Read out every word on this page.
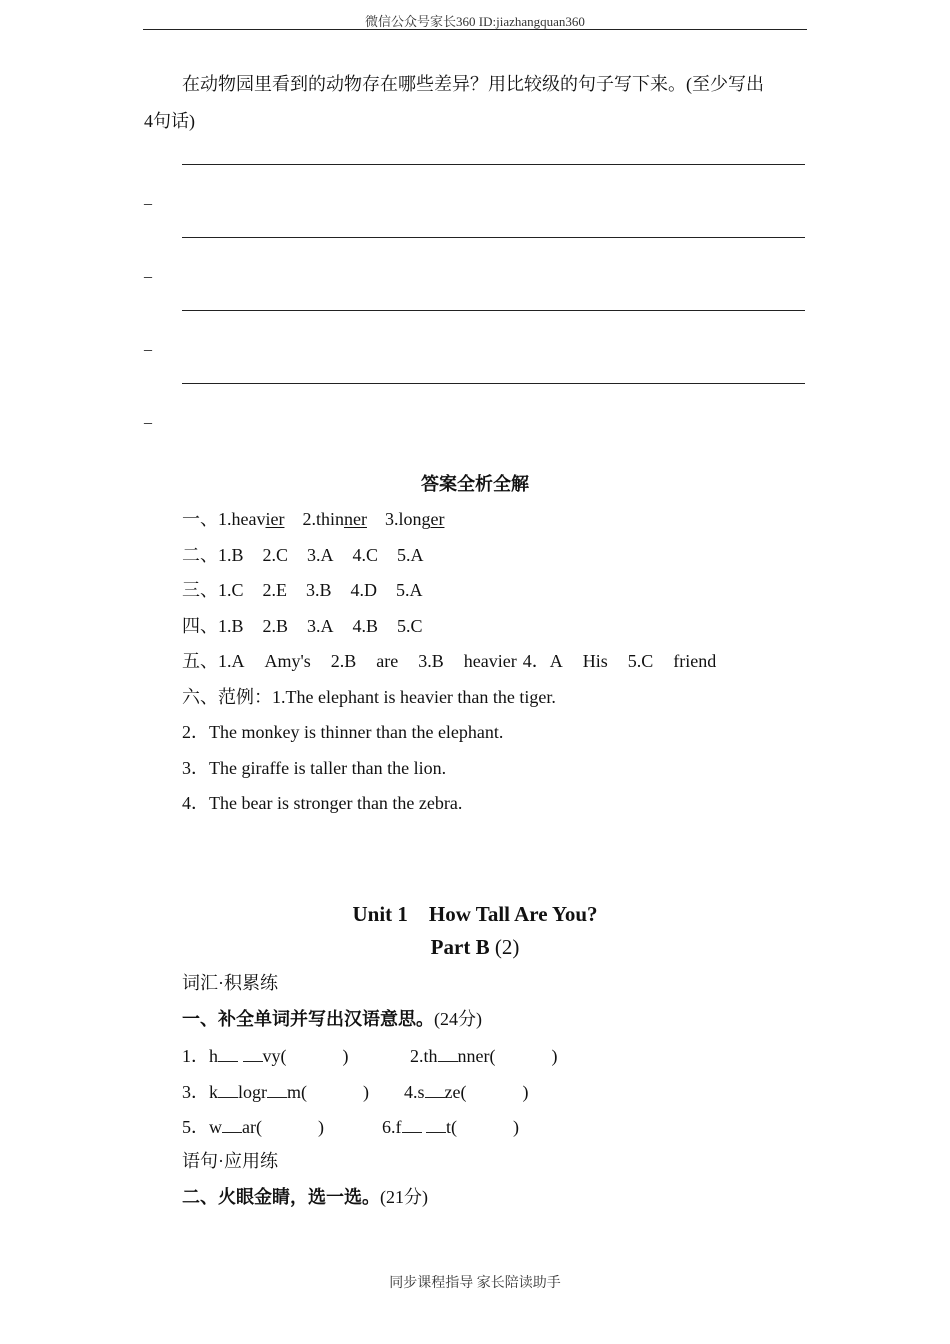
微信公众号家长360 ID:jiazhangquan360
在动物园里看到的动物存在哪些差异？用比较级的句子写下来。(至少写出
4句话)
_
_
_
_
答案全析全解
一、1.heavier 2.thinner 3.longer
二、1.B 2.C 3.A 4.C 5.A
三、1.C 2.E 3.B 4.D 5.A
四、1.B 2.B 3.A 4.B 5.C
五、1.A Amy's 2.B are 3.B heavier 4．A His 5.C friend
六、范例：1.The elephant is heavier than the tiger.
2．The monkey is thinner than the elephant.
3．The giraffe is taller than the lion.
4．The bear is stronger than the zebra.
Unit 1　How Tall Are You?
Part B (2)
词汇·积累练
一、补全单词并写出汉语意思。(24分)
1．h vy(	)	2.th nner(	)
3．k logr m(	) 4.s ze(	)
5．w ar(	)	6.f t(	)
语句·应用练
二、火眼金睛，选一选。(21分)
同步课程指导 家长陪读助手
